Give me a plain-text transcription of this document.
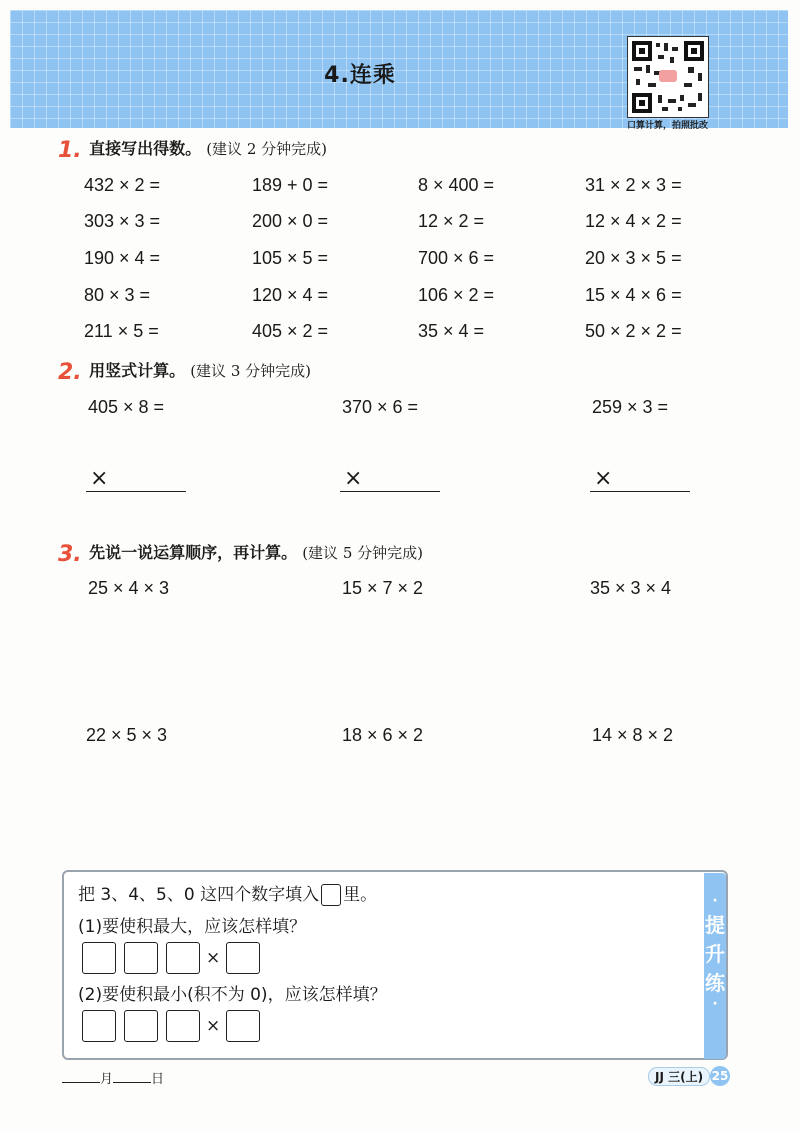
4.连乘
口算计算，拍照批改
1. 直接写出得数。 (建议 2 分钟完成)
432 × 2 =	189 + 0 =	8 × 400 =	31 × 2 × 3 =
303 × 3 =	200 × 0 =	12 × 2 =	12 × 4 × 2 =
190 × 4 =	105 × 5 =	700 × 6 =	20 × 3 × 5 =
80 × 3 =	120 × 4 =	106 × 2 =	15 × 4 × 6 =
211 × 5 =	405 × 2 =	35 × 4 =	50 × 2 × 2 =
2. 用竖式计算。 (建议 3 分钟完成)
405 × 8 =	370 × 6 =	259 × 3 =
×	×	×
3. 先说一说运算顺序，再计算。 (建议 5 分钟完成)
25 × 4 × 3	15 × 7 × 2	35 × 3 × 4
22 × 5 × 3	18 × 6 × 2	14 × 8 × 2
把 3、4、5、0 这四个数字填入 里。
(1)要使积最大，应该怎样填？
×
(2)要使积最小(积不为 0)，应该怎样填？
×
·
提
升
练
·
月	日	JJ 三(上) 25
